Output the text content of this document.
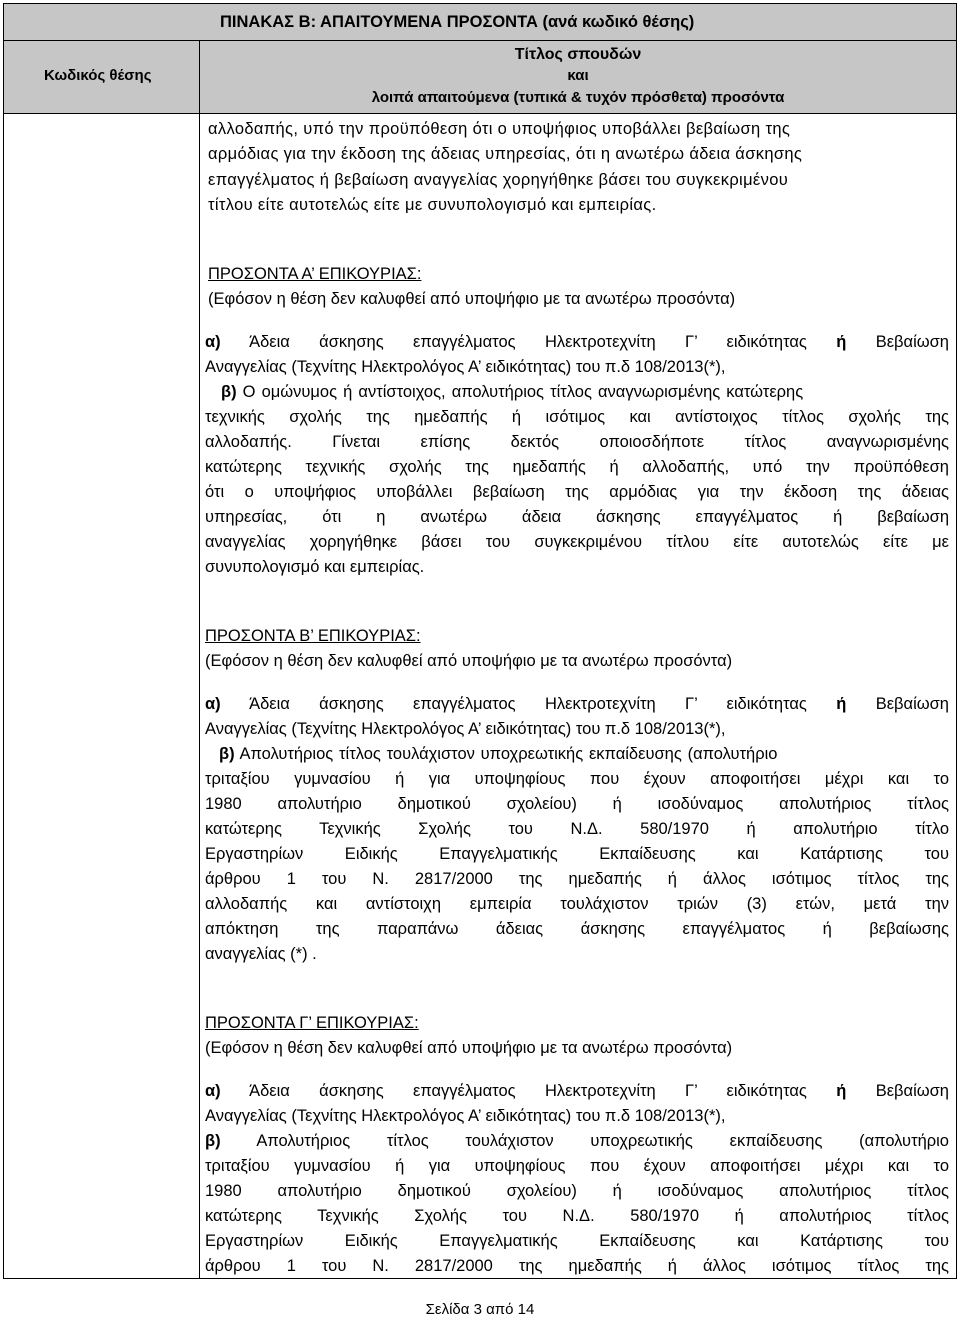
ΠΙΝΑΚΑΣ Β: ΑΠΑΙΤΟΥΜΕΝΑ ΠΡΟΣΟΝΤΑ (ανά κωδικό θέσης)
Κωδικός θέσης
Τίτλος σπουδών
και
λοιπά απαιτούμενα (τυπικά & τυχόν πρόσθετα) προσόντα
αλλοδαπής, υπό την προϋπόθεση ότι ο υποψήφιος υποβάλλει βεβαίωση της
αρμόδιας για την έκδοση της άδειας υπηρεσίας, ότι η ανωτέρω άδεια άσκησης
επαγγέλματος ή βεβαίωση αναγγελίας χορηγήθηκε βάσει του συγκεκριμένου
τίτλου είτε αυτοτελώς είτε με συνυπολογισμό και εμπειρίας.
ΠΡΟΣΟΝΤΑ Α’ ΕΠΙΚΟΥΡΙΑΣ:
(Εφόσον η θέση δεν καλυφθεί από υποψήφιο με τα ανωτέρω προσόντα)
α) Άδεια άσκησης επαγγέλματος Ηλεκτροτεχνίτη Γ’ ειδικότητας ή Βεβαίωση
Αναγγελίας (Τεχνίτης Ηλεκτρολόγος Α’ ειδικότητας) του π.δ 108/2013(*),
β) Ο ομώνυμος ή αντίστοιχος, απολυτήριος τίτλος αναγνωρισμένης κατώτερης
τεχνικής σχολής της ημεδαπής ή ισότιμος και αντίστοιχος τίτλος σχολής της
αλλοδαπής. Γίνεται επίσης δεκτός οποιοσδήποτε τίτλος αναγνωρισμένης
κατώτερης τεχνικής σχολής της ημεδαπής ή αλλοδαπής, υπό την προϋπόθεση
ότι ο υποψήφιος υποβάλλει βεβαίωση της αρμόδιας για την έκδοση της άδειας
υπηρεσίας, ότι η ανωτέρω άδεια άσκησης επαγγέλματος ή βεβαίωση
αναγγελίας χορηγήθηκε βάσει του συγκεκριμένου τίτλου είτε αυτοτελώς είτε με
συνυπολογισμό και εμπειρίας.
ΠΡΟΣΟΝΤΑ Β’ ΕΠΙΚΟΥΡΙΑΣ:
(Εφόσον η θέση δεν καλυφθεί από υποψήφιο με τα ανωτέρω προσόντα)
α) Άδεια άσκησης επαγγέλματος Ηλεκτροτεχνίτη Γ’ ειδικότητας ή Βεβαίωση
Αναγγελίας (Τεχνίτης Ηλεκτρολόγος Α’ ειδικότητας) του π.δ 108/2013(*),
β) Απολυτήριος τίτλος τουλάχιστον υποχρεωτικής εκπαίδευσης (απολυτήριο
τριταξίου γυμνασίου ή για υποψηφίους που έχουν αποφοιτήσει μέχρι και το
1980 απολυτήριο δημοτικού σχολείου) ή ισοδύναμος απολυτήριος τίτλος
κατώτερης Τεχνικής Σχολής του Ν.Δ. 580/1970 ή απολυτήριο τίτλο
Εργαστηρίων Ειδικής Επαγγελματικής Εκπαίδευσης και Κατάρτισης του
άρθρου 1 του Ν. 2817/2000 της ημεδαπής ή άλλος ισότιμος τίτλος της
αλλοδαπής και αντίστοιχη εμπειρία τουλάχιστον τριών (3) ετών, μετά την
απόκτηση της παραπάνω άδειας άσκησης επαγγέλματος ή βεβαίωσης
αναγγελίας (*) .
ΠΡΟΣΟΝΤΑ Γ’ ΕΠΙΚΟΥΡΙΑΣ:
(Εφόσον η θέση δεν καλυφθεί από υποψήφιο με τα ανωτέρω προσόντα)
α) Άδεια άσκησης επαγγέλματος Ηλεκτροτεχνίτη Γ’ ειδικότητας ή Βεβαίωση
Αναγγελίας (Τεχνίτης Ηλεκτρολόγος Α’ ειδικότητας) του π.δ 108/2013(*),
β) Απολυτήριος τίτλος τουλάχιστον υποχρεωτικής εκπαίδευσης (απολυτήριο
τριταξίου γυμνασίου ή για υποψηφίους που έχουν αποφοιτήσει μέχρι και το
1980 απολυτήριο δημοτικού σχολείου) ή ισοδύναμος απολυτήριος τίτλος
κατώτερης Τεχνικής Σχολής του Ν.Δ. 580/1970 ή απολυτήριος τίτλος
Εργαστηρίων Ειδικής Επαγγελματικής Εκπαίδευσης και Κατάρτισης του
άρθρου 1 του Ν. 2817/2000 της ημεδαπής ή άλλος ισότιμος τίτλος της
Σελίδα 3 από 14
